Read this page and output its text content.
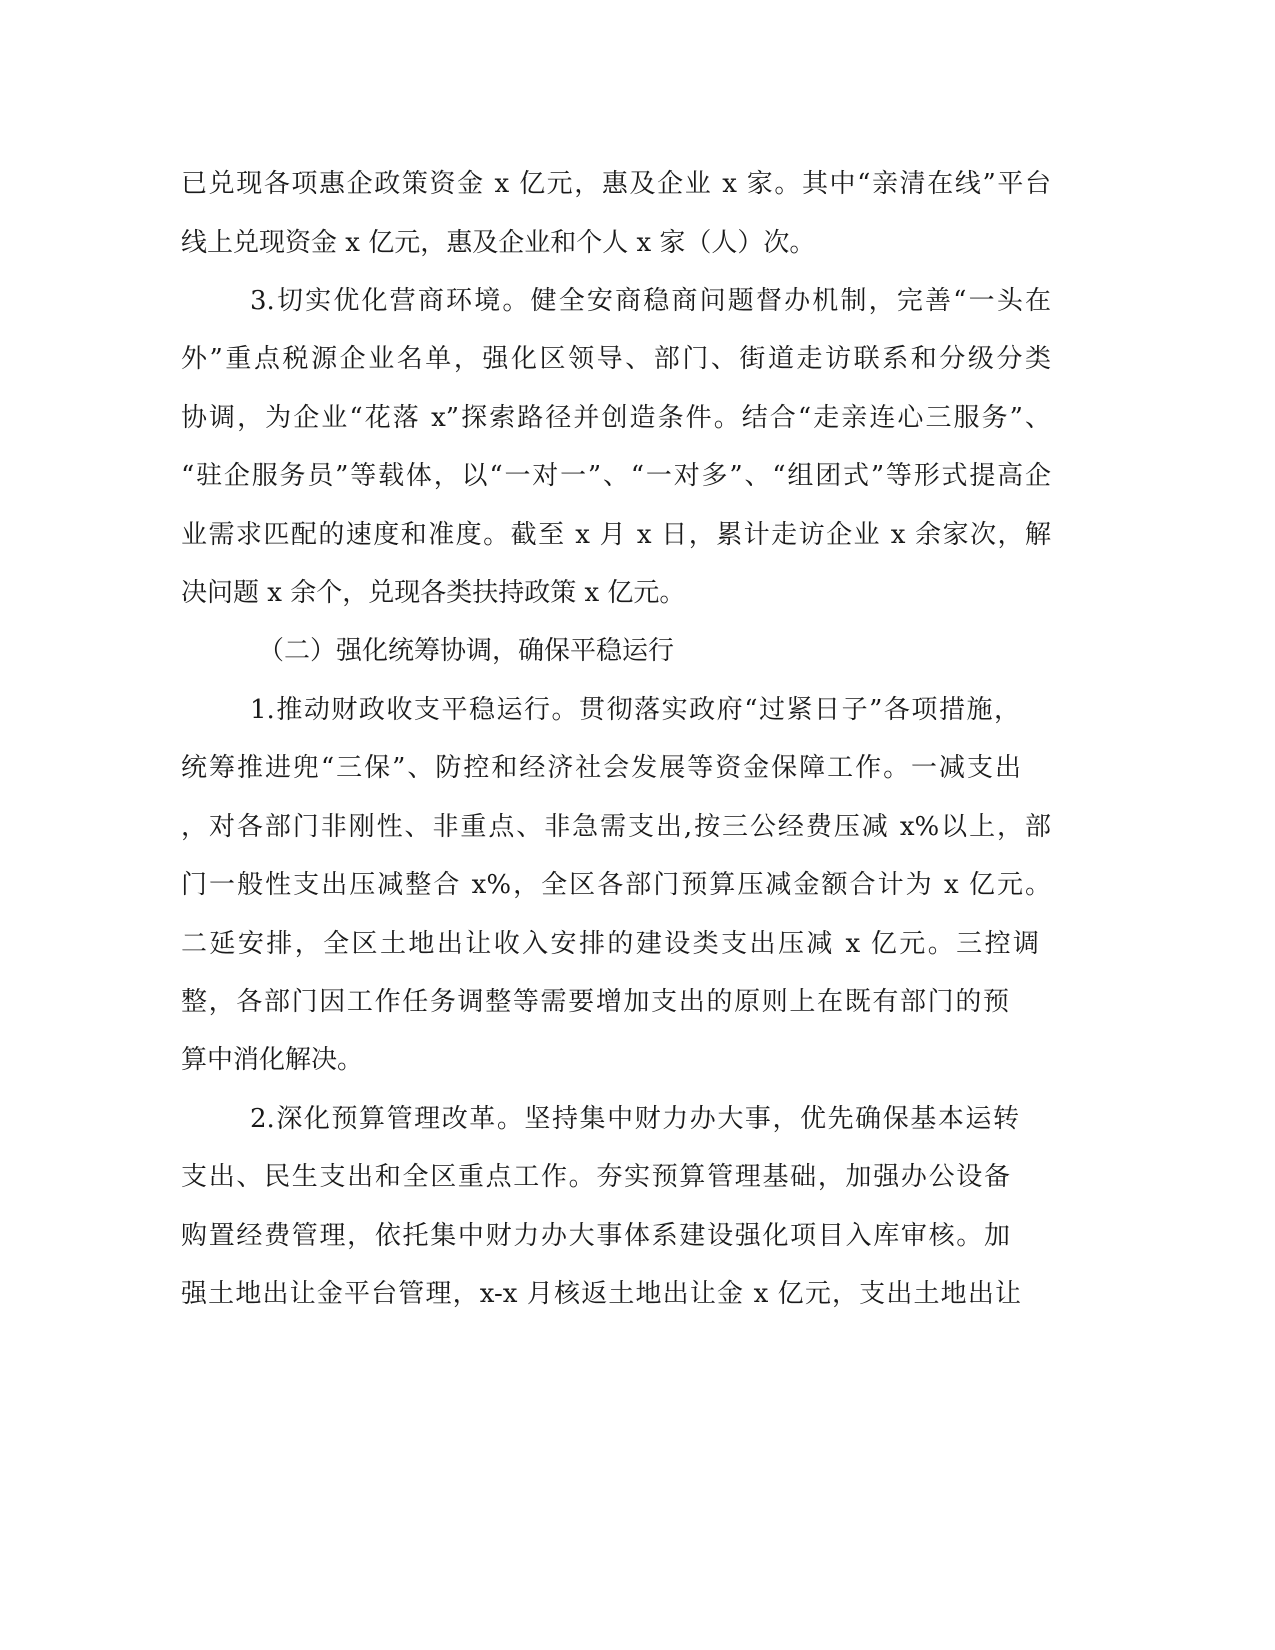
已兑现各项惠企政策资金 x 亿元，惠及企业 x 家。其中“亲清在线”平台
线上兑现资金 x 亿元，惠及企业和个人 x 家（人）次。
3.切实优化营商环境。健全安商稳商问题督办机制，完善“一头在
外”重点税源企业名单，强化区领导、部门、街道走访联系和分级分类
协调，为企业“花落 x”探索路径并创造条件。结合“走亲连心三服务”、
“驻企服务员”等载体，以“一对一”、“一对多”、“组团式”等形式提高企
业需求匹配的速度和准度。截至 x 月 x 日，累计走访企业 x 余家次，解
决问题 x 余个，兑现各类扶持政策 x 亿元。
（二）强化统筹协调，确保平稳运行
1.推动财政收支平稳运行。贯彻落实政府“过紧日子”各项措施，
统筹推进兜“三保”、防控和经济社会发展等资金保障工作。一减支出
，对各部门非刚性、非重点、非急需支出,按三公经费压减 x%以上，部
门一般性支出压减整合 x%，全区各部门预算压减金额合计为 x 亿元。
二延安排，全区土地出让收入安排的建设类支出压减 x 亿元。三控调
整，各部门因工作任务调整等需要增加支出的原则上在既有部门的预
算中消化解决。
2.深化预算管理改革。坚持集中财力办大事，优先确保基本运转
支出、民生支出和全区重点工作。夯实预算管理基础，加强办公设备
购置经费管理，依托集中财力办大事体系建设强化项目入库审核。加
强土地出让金平台管理，x-x 月核返土地出让金 x 亿元，支出土地出让
